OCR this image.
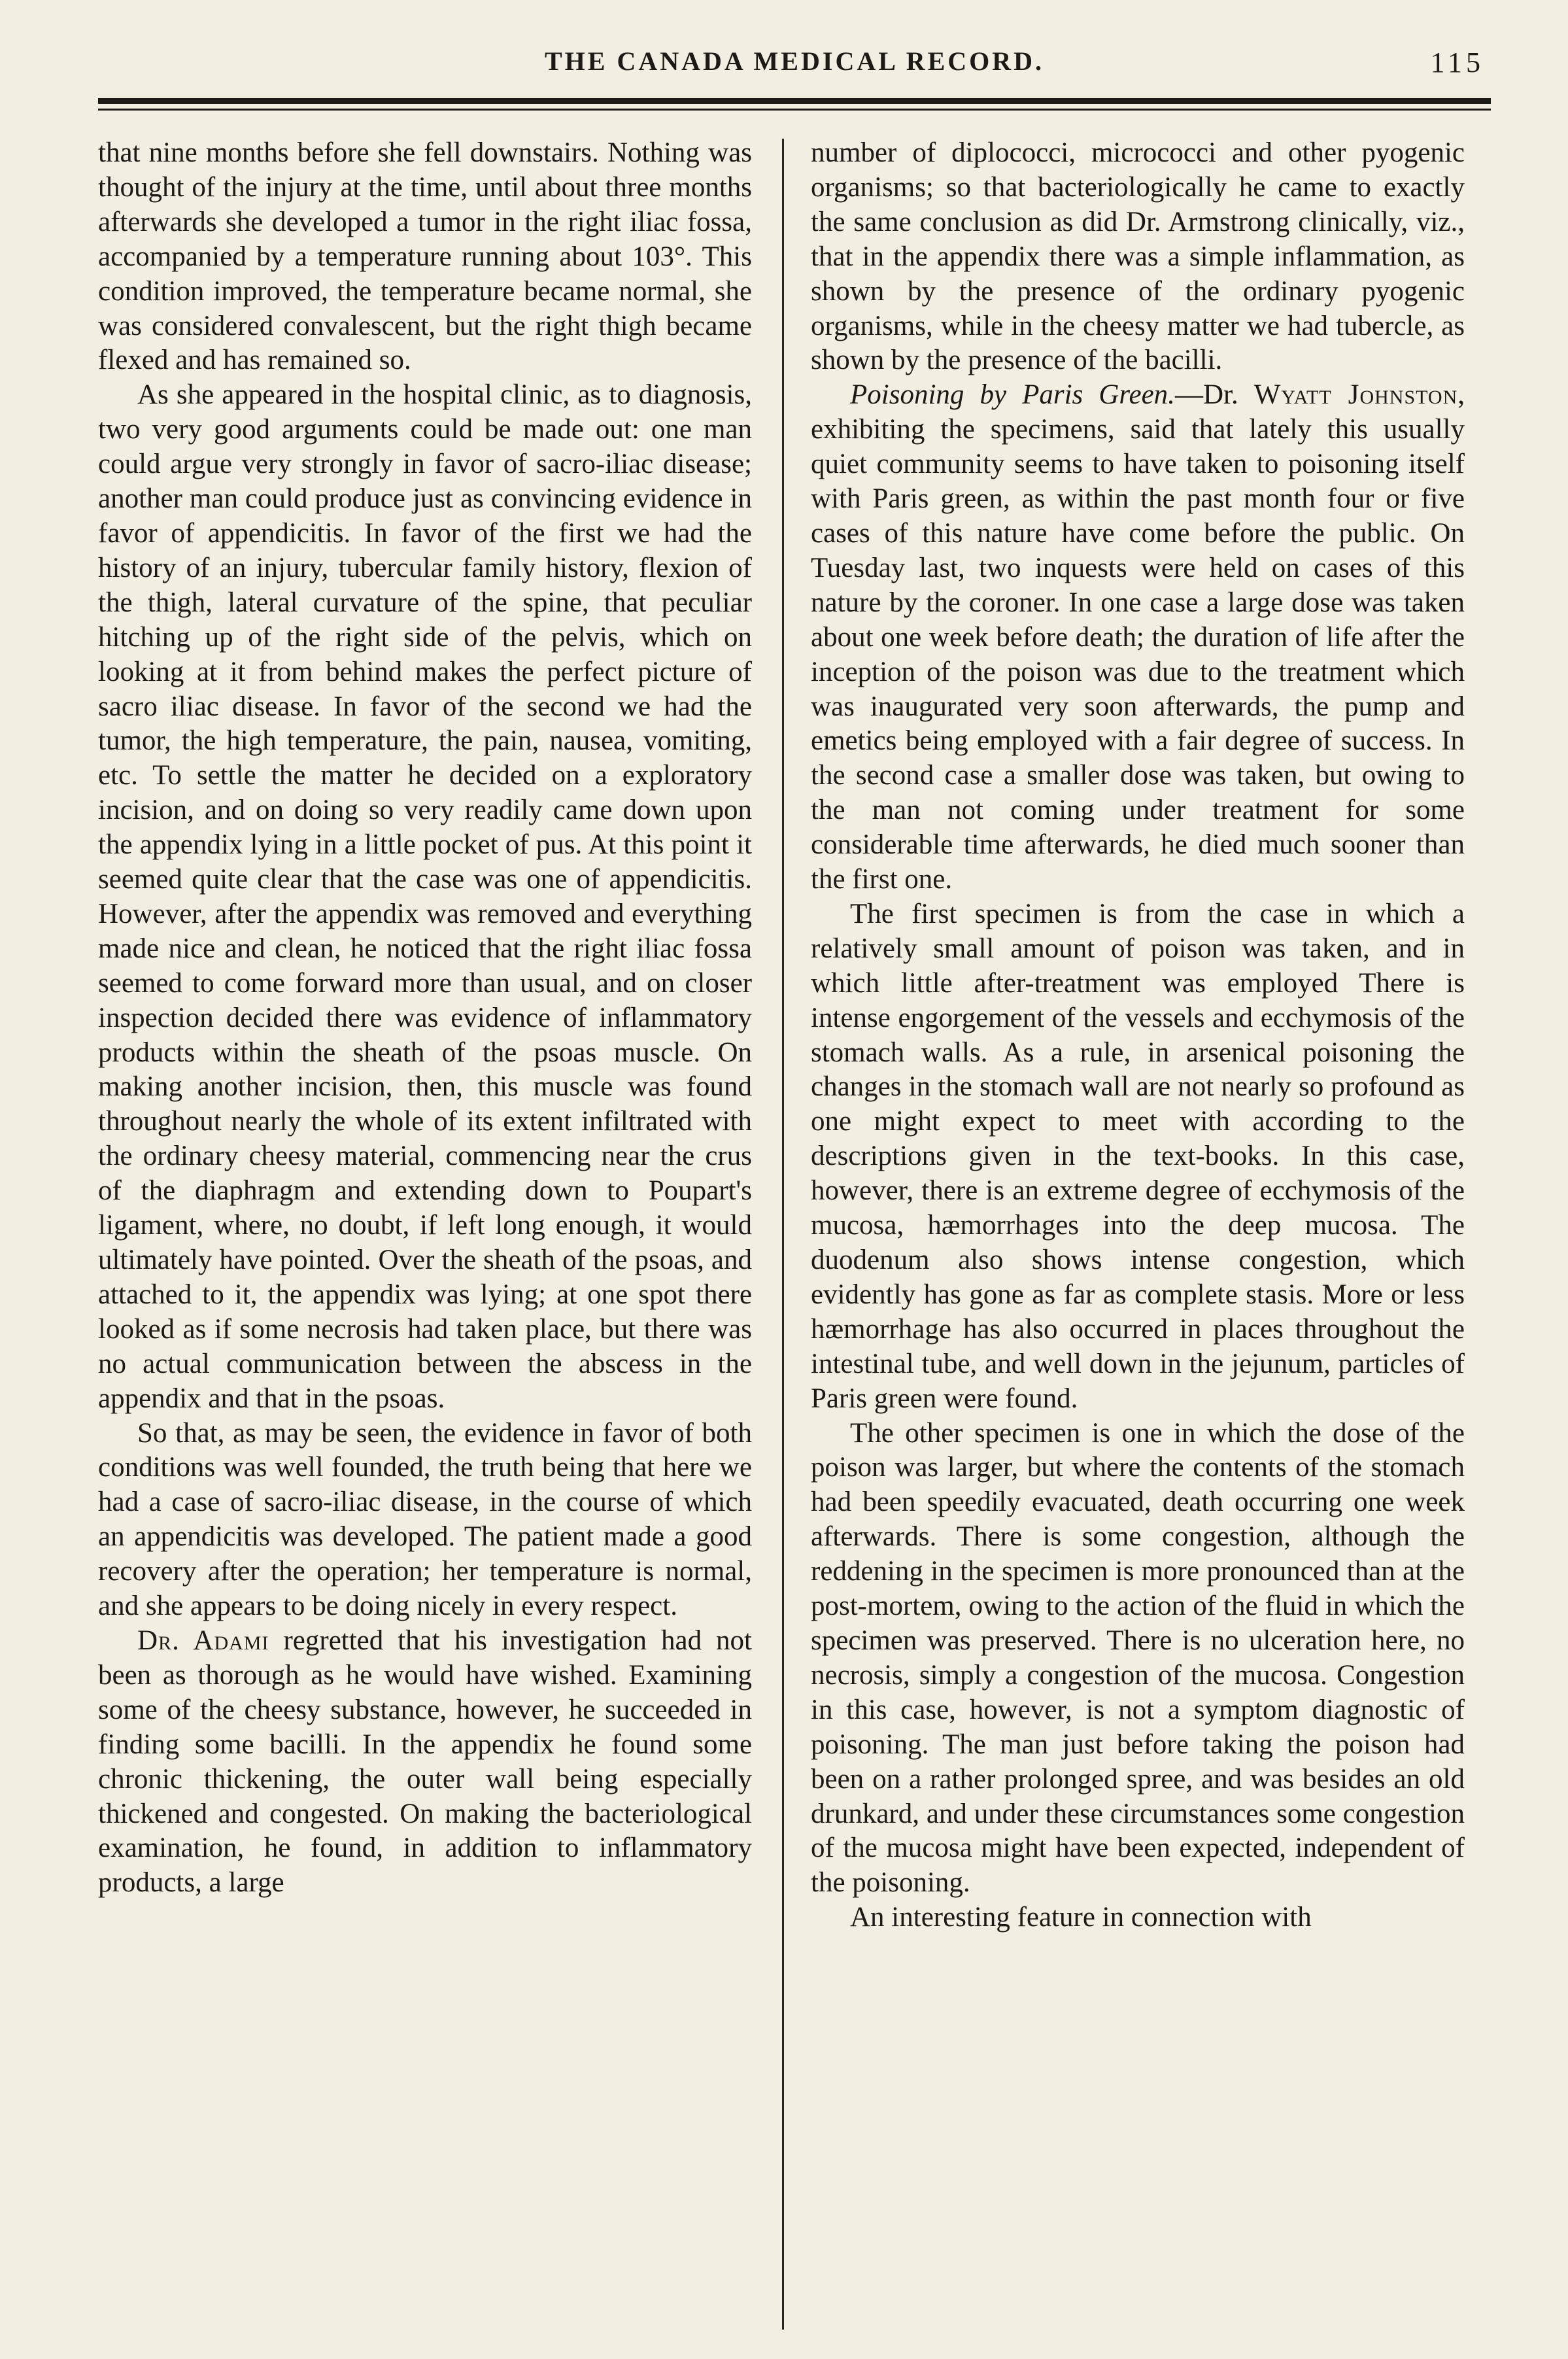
THE CANADA MEDICAL RECORD.	115

that nine months before she fell downstairs. Nothing was thought of the injury at the time, until about three months afterwards she developed a tumor in the right iliac fossa, accompanied by a temperature running about 103°. This condition improved, the temperature became normal, she was considered convalescent, but the right thigh became flexed and has remained so.

As she appeared in the hospital clinic, as to diagnosis, two very good arguments could be made out: one man could argue very strongly in favor of sacro-iliac disease; another man could produce just as convincing evidence in favor of appendicitis. In favor of the first we had the history of an injury, tubercular family history, flexion of the thigh, lateral curvature of the spine, that peculiar hitching up of the right side of the pelvis, which on looking at it from behind makes the perfect picture of sacro iliac disease. In favor of the second we had the tumor, the high temperature, the pain, nausea, vomiting, etc. To settle the matter he decided on a exploratory incision, and on doing so very readily came down upon the appendix lying in a little pocket of pus. At this point it seemed quite clear that the case was one of appendicitis. However, after the appendix was removed and everything made nice and clean, he noticed that the right iliac fossa seemed to come forward more than usual, and on closer inspection decided there was evidence of inflammatory products within the sheath of the psoas muscle. On making another incision, then, this muscle was found throughout nearly the whole of its extent infiltrated with the ordinary cheesy material, commencing near the crus of the diaphragm and extending down to Poupart's ligament, where, no doubt, if left long enough, it would ultimately have pointed. Over the sheath of the psoas, and attached to it, the appendix was lying; at one spot there looked as if some necrosis had taken place, but there was no actual communication between the abscess in the appendix and that in the psoas.

So that, as may be seen, the evidence in favor of both conditions was well founded, the truth being that here we had a case of sacro-iliac disease, in the course of which an appendicitis was developed. The patient made a good recovery after the operation; her temperature is normal, and she appears to be doing nicely in every respect.

Dr. Adami regretted that his investigation had not been as thorough as he would have wished. Examining some of the cheesy substance, however, he succeeded in finding some bacilli. In the appendix he found some chronic thickening, the outer wall being especially thickened and congested. On making the bacteriological examination, he found, in addition to inflammatory products, a large

number of diplococci, micrococci and other pyogenic organisms; so that bacteriologically he came to exactly the same conclusion as did Dr. Armstrong clinically, viz., that in the appendix there was a simple inflammation, as shown by the presence of the ordinary pyogenic organisms, while in the cheesy matter we had tubercle, as shown by the presence of the bacilli.

Poisoning by Paris Green.—Dr. Wyatt Johnston, exhibiting the specimens, said that lately this usually quiet community seems to have taken to poisoning itself with Paris green, as within the past month four or five cases of this nature have come before the public. On Tuesday last, two inquests were held on cases of this nature by the coroner. In one case a large dose was taken about one week before death; the duration of life after the inception of the poison was due to the treatment which was inaugurated very soon afterwards, the pump and emetics being employed with a fair degree of success. In the second case a smaller dose was taken, but owing to the man not coming under treatment for some considerable time afterwards, he died much sooner than the first one.

The first specimen is from the case in which a relatively small amount of poison was taken, and in which little after-treatment was employed There is intense engorgement of the vessels and ecchymosis of the stomach walls. As a rule, in arsenical poisoning the changes in the stomach wall are not nearly so profound as one might expect to meet with according to the descriptions given in the text-books. In this case, however, there is an extreme degree of ecchymosis of the mucosa, hæmorrhages into the deep mucosa. The duodenum also shows intense congestion, which evidently has gone as far as complete stasis. More or less hæmorrhage has also occurred in places throughout the intestinal tube, and well down in the jejunum, particles of Paris green were found.

The other specimen is one in which the dose of the poison was larger, but where the contents of the stomach had been speedily evacuated, death occurring one week afterwards. There is some congestion, although the reddening in the specimen is more pronounced than at the post-mortem, owing to the action of the fluid in which the specimen was preserved. There is no ulceration here, no necrosis, simply a congestion of the mucosa. Congestion in this case, however, is not a symptom diagnostic of poisoning. The man just before taking the poison had been on a rather prolonged spree, and was besides an old drunkard, and under these circumstances some congestion of the mucosa might have been expected, independent of the poisoning.

An interesting feature in connection with
